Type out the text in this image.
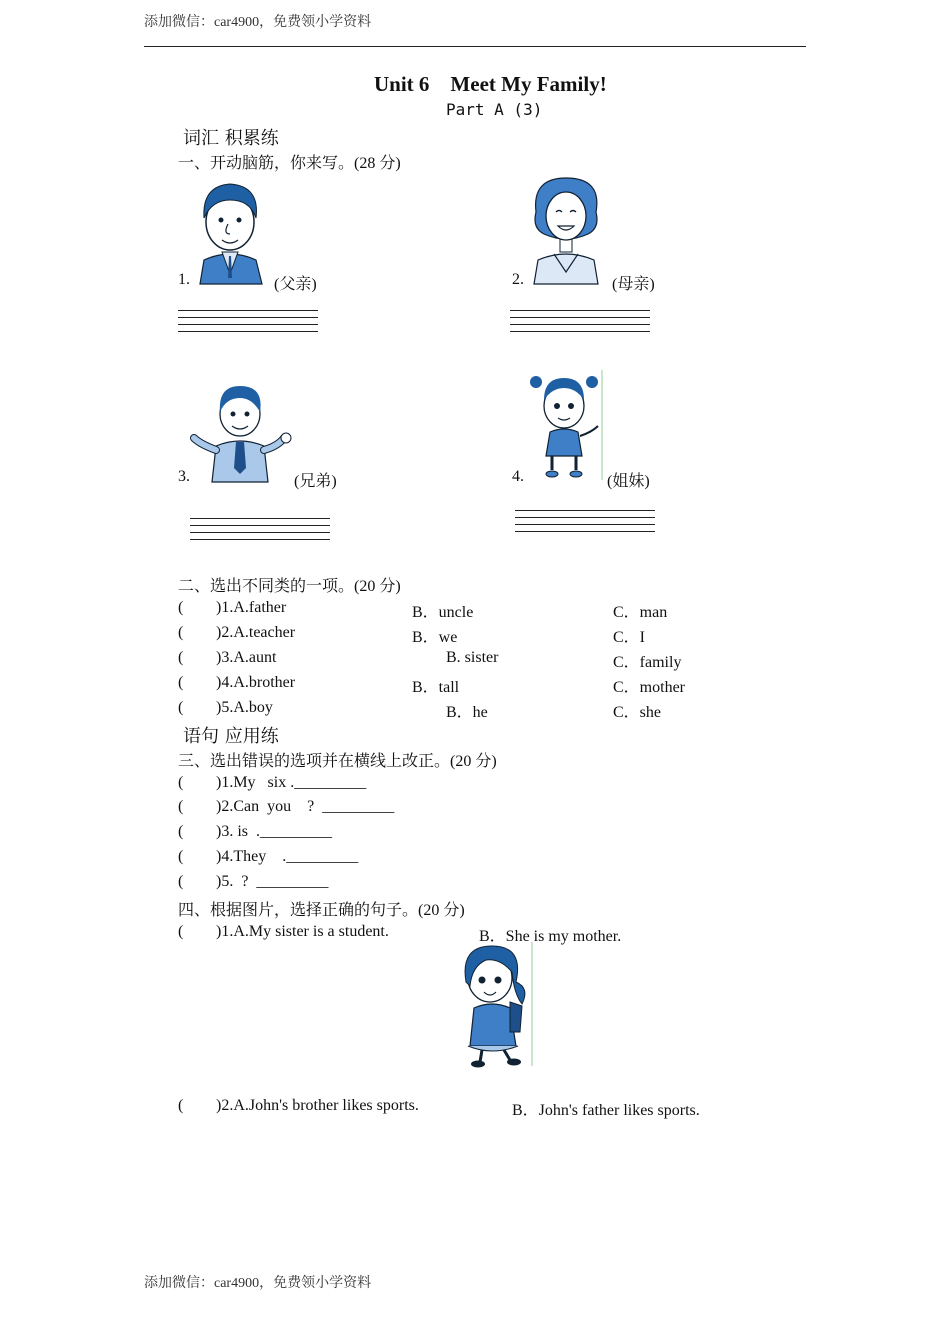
添加微信：car4900，免费领小学资料
Unit 6    Meet My Family!
Part A (3)
词汇 积累练
一、开动脑筋，你来写。(28 分)
1.	(父亲)	2.	(母亲)
3.	(兄弟)	4.	(姐妹)
二、选出不同类的一项。(20 分)
( )1.A.father	B．uncle	C．man
( )2.A.teacher	B．we	C．I
( )3.A.aunt	B. sister	C．family
( )4.A.brother	B．tall	C．mother
( )5.A.boy	B．he	C．she
语句 应用练
三、选出错误的选项并在横线上改正。(20 分)
( )1.My   six ._________
( )2.Can  you    ?  _________
( )3. is  ._________
( )4.They    ._________
( )5.  ?  _________
四、根据图片，选择正确的句子。(20 分)
( )1.A.My sister is a student.	B．She is my mother.
( )2.A.John's brother likes sports.	B．John's father likes sports.
添加微信：car4900，免费领小学资料
